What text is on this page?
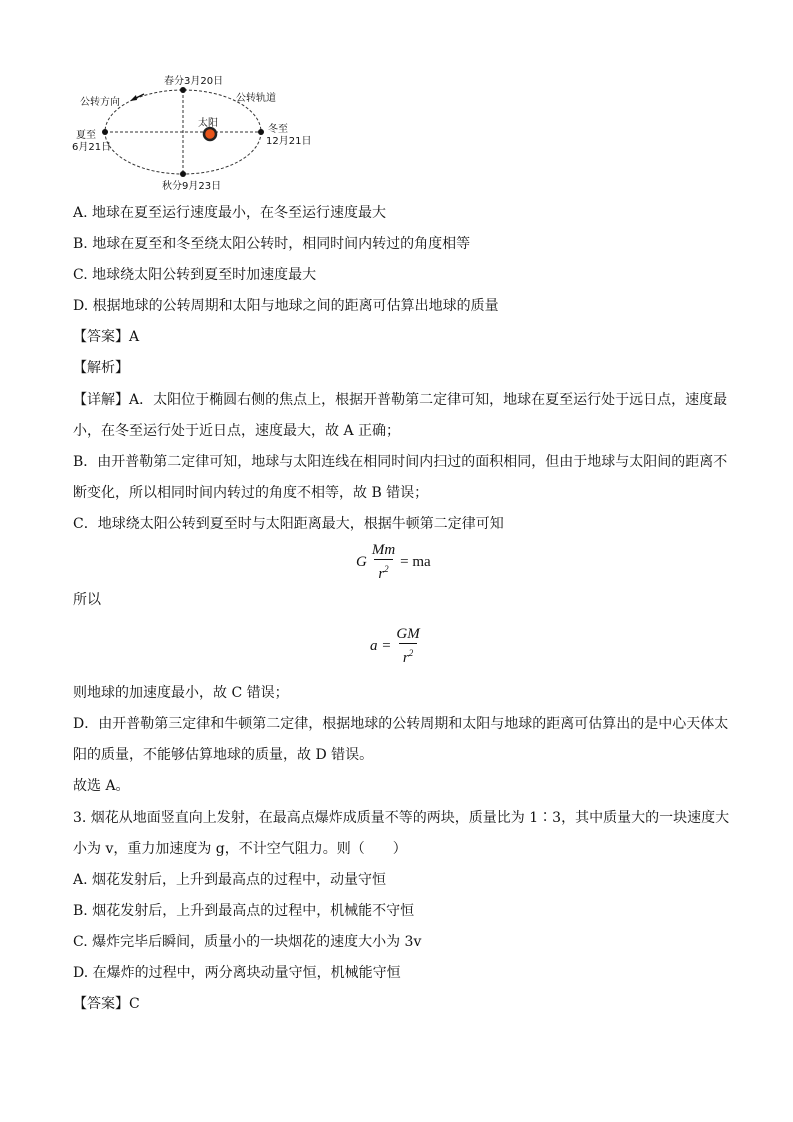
春分3月20日
公转方向	公转轨道
太阳
夏至
6月21日
冬至
12月21日
秋分9月23日
A. 地球在夏至运行速度最小，在冬至运行速度最大
B. 地球在夏至和冬至绕太阳公转时，相同时间内转过的角度相等
C. 地球绕太阳公转到夏至时加速度最大
D. 根据地球的公转周期和太阳与地球之间的距离可估算出地球的质量
【答案】A
【解析】
【详解】A．太阳位于椭圆右侧的焦点上，根据开普勒第二定律可知，地球在夏至运行处于远日点，速度最
小，在冬至运行处于近日点，速度最大，故 A 正确；
B．由开普勒第二定律可知，地球与太阳连线在相同时间内扫过的面积相同，但由于地球与太阳间的距离不
断变化，所以相同时间内转过的角度不相等，故 B 错误；
C．地球绕太阳公转到夏至时与太阳距离最大，根据牛顿第二定律可知
G $\frac{Mm}{r^2}$ = ma
所以
$a = \frac{GM}{r^2}$
则地球的加速度最小，故 C 错误；
D．由开普勒第三定律和牛顿第二定律，根据地球的公转周期和太阳与地球的距离可估算出的是中心天体太
阳的质量，不能够估算地球的质量，故 D 错误。
故选 A。
3. 烟花从地面竖直向上发射，在最高点爆炸成质量不等的两块，质量比为 1∶3，其中质量大的一块速度大
小为 v，重力加速度为 g，不计空气阻力。则（　　）
A. 烟花发射后，上升到最高点的过程中，动量守恒
B. 烟花发射后，上升到最高点的过程中，机械能不守恒
C. 爆炸完毕后瞬间，质量小的一块烟花的速度大小为 3v
D. 在爆炸的过程中，两分离块动量守恒，机械能守恒
【答案】C
